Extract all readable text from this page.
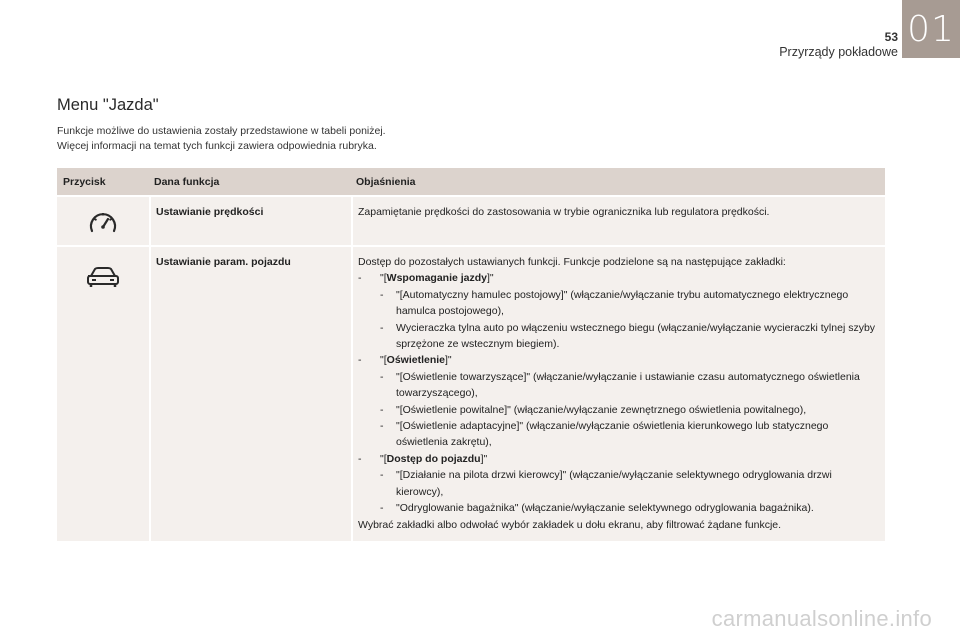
53
Przyrządy pokładowe
01
Menu "Jazda"
Funkcje możliwe do ustawienia zostały przedstawione w tabeli poniżej.
Więcej informacji na temat tych funkcji zawiera odpowiednia rubryka.
Przycisk	Dana funkcja	Objaśnienia
Ustawianie prędkości	Zapamiętanie prędkości do zastosowania w trybie ogranicznika lub regulatora prędkości.
Ustawianie param. pojazdu	Dostęp do pozostałych ustawianych funkcji. Funkcje podzielone są na następujące zakładki:
- "[Wspomaganie jazdy]"
- "[Automatyczny hamulec postojowy]" (włączanie/wyłączanie trybu automatycznego elektrycznego hamulca postojowego),
- Wycieraczka tylna auto po włączeniu wstecznego biegu (włączanie/wyłączanie wycieraczki tylnej szyby sprzężone ze wstecznym biegiem).
- "[Oświetlenie]"
- "[Oświetlenie towarzyszące]" (włączanie/wyłączanie i ustawianie czasu automatycznego oświetlenia towarzyszącego),
- "[Oświetlenie powitalne]" (włączanie/wyłączanie zewnętrznego oświetlenia powitalnego),
- "[Oświetlenie adaptacyjne]" (włączanie/wyłączanie oświetlenia kierunkowego lub statycznego oświetlenia zakrętu),
- "[Dostęp do pojazdu]"
- "[Działanie na pilota drzwi kierowcy]" (włączanie/wyłączanie selektywnego odryglowania drzwi kierowcy),
- "Odryglowanie bagażnika" (włączanie/wyłączanie selektywnego odryglowania bagażnika).
Wybrać zakładki albo odwołać wybór zakładek u dołu ekranu, aby filtrować żądane funkcje.
carmanualsonline.info
